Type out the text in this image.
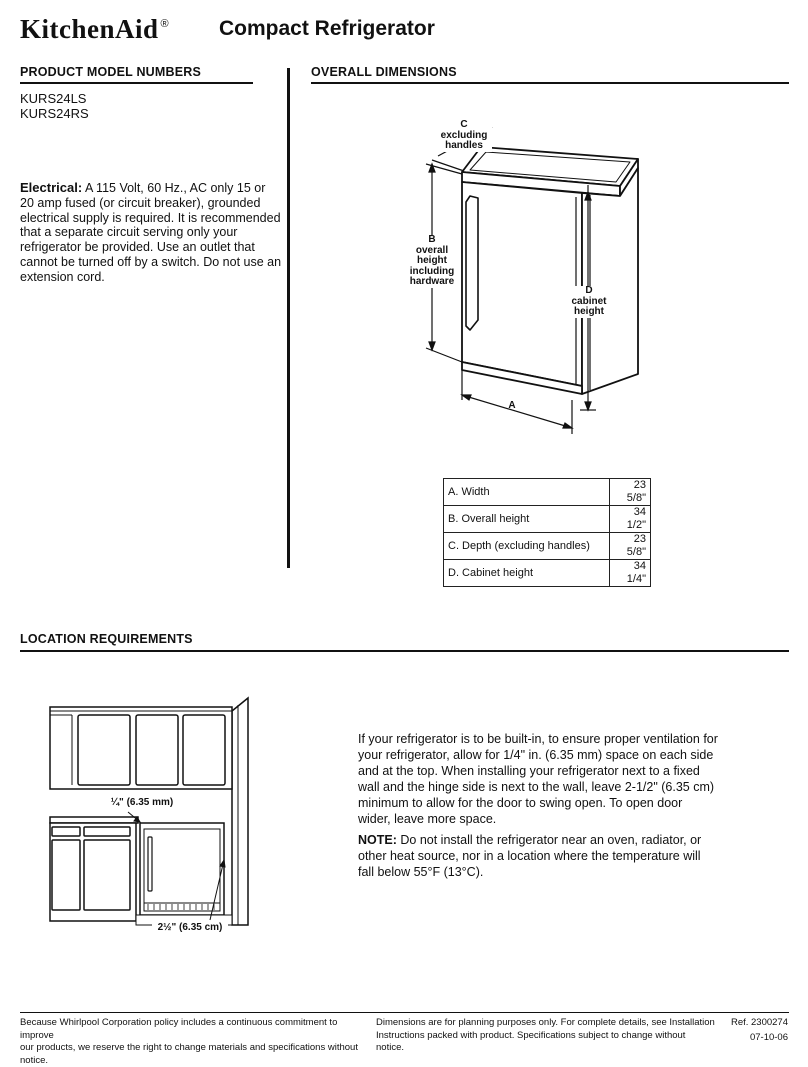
KitchenAid ® Compact Refrigerator
PRODUCT MODEL NUMBERS
KURS24LS
KURS24RS
Electrical: A 115 Volt, 60 Hz., AC only 15 or 20 amp fused (or circuit breaker), grounded electrical supply is required. It is recommended that a separate circuit serving only your refrigerator be provided. Use an outlet that cannot be turned off by a switch. Do not use an extension cord.
OVERALL DIMENSIONS
C
excluding
handles
B
overall
height
including
hardware
D
cabinet
height
A
A. Width	23 5/8"
B. Overall height	34 1/2"
C. Depth (excluding handles)	23 5/8"
D. Cabinet height	34 1/4"
LOCATION REQUIREMENTS
¼" (6.35 mm)
2½" (6.35 cm)

If your refrigerator is to be built-in, to ensure proper ventilation for your refrigerator, allow for 1/4" in. (6.35 mm) space on each side and at the top. When installing your refrigerator next to a fixed wall and the hinge side is next to the wall, leave 2-1/2" (6.35 cm) minimum to allow for the door to swing open. To open door wider, leave more space.

NOTE: Do not install the refrigerator near an oven, radiator, or other heat source, nor in a location where the temperature will fall below 55°F (13°C).

Because Whirlpool Corporation policy includes a continuous commitment to improve
our products, we reserve the right to change materials and specifications without notice.
Dimensions are for planning purposes only. For complete details, see Installation
Instructions packed with product. Specifications subject to change without notice.
Ref. 2300274
07-10-06
